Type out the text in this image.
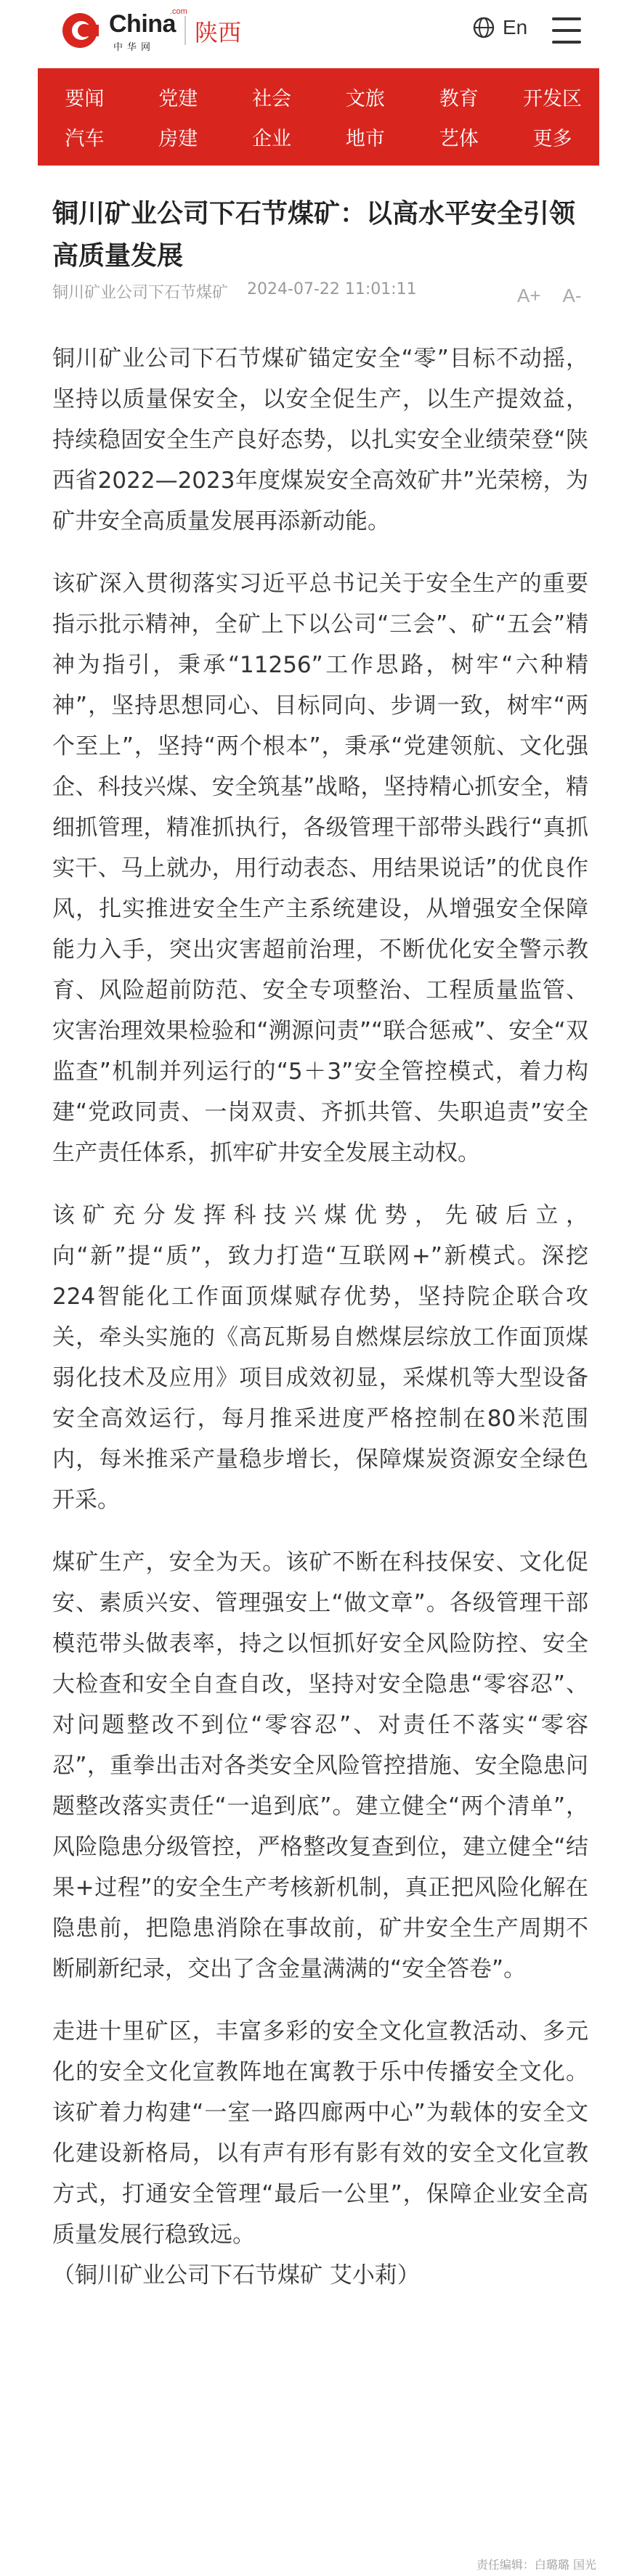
China
.com
中华网
陕西	En
要闻	党建	社会	文旅	教育	开发区
汽车	房建	企业	地市	艺体	更多
铜川矿业公司下石节煤矿：以高水平安全引领高质量发展
铜川矿业公司下石节煤矿 2024-07-22 11:01:11	A+ A-

铜川矿业公司下石节煤矿锚定安全“零”目标不动摇，坚持以质量保安全，以安全促生产，以生产提效益，持续稳固安全生产良好态势，以扎实安全业绩荣登“陕西省2022—2023年度煤炭安全高效矿井”光荣榜，为矿井安全高质量发展再添新动能。

该矿深入贯彻落实习近平总书记关于安全生产的重要指示批示精神，全矿上下以公司“三会”、矿“五会”精神为指引，秉承“11256”工作思路，树牢“六种精神”，坚持思想同心、目标同向、步调一致，树牢“两个至上”，坚持“两个根本”，秉承“党建领航、文化强企、科技兴煤、安全筑基”战略，坚持精心抓安全，精细抓管理，精准抓执行，各级管理干部带头践行“真抓实干、马上就办，用行动表态、用结果说话”的优良作风，扎实推进安全生产主系统建设，从增强安全保障能力入手，突出灾害超前治理，不断优化安全警示教育、风险超前防范、安全专项整治、工程质量监管、灾害治理效果检验和“溯源问责”“联合惩戒”、安全“双监查”机制并列运行的“5＋3”安全管控模式，着力构建“党政同责、一岗双责、齐抓共管、失职追责”安全生产责任体系，抓牢矿井安全发展主动权。

该矿充分发挥科技兴煤优势，先破后立，向“新”提“质”，致力打造“互联网+”新模式。深挖224智能化工作面顶煤赋存优势，坚持院企联合攻关，牵头实施的《高瓦斯易自燃煤层综放工作面顶煤弱化技术及应用》项目成效初显，采煤机等大型设备安全高效运行，每月推采进度严格控制在80米范围内，每米推采产量稳步增长，保障煤炭资源安全绿色开采。

煤矿生产，安全为天。该矿不断在科技保安、文化促安、素质兴安、管理强安上“做文章”。各级管理干部模范带头做表率，持之以恒抓好安全风险防控、安全大检查和安全自查自改，坚持对安全隐患“零容忍”、对问题整改不到位“零容忍”、对责任不落实“零容忍”，重拳出击对各类安全风险管控措施、安全隐患问题整改落实责任“一追到底”。建立健全“两个清单”，风险隐患分级管控，严格整改复查到位，建立健全“结果+过程”的安全生产考核新机制，真正把风险化解在隐患前，把隐患消除在事故前，矿井安全生产周期不断刷新纪录，交出了含金量满满的“安全答卷”。

走进十里矿区，丰富多彩的安全文化宣教活动、多元化的安全文化宣教阵地在寓教于乐中传播安全文化。该矿着力构建“一室一路四廊两中心”为载体的安全文化建设新格局，以有声有形有影有效的安全文化宣教方式，打通安全管理“最后一公里”，保障企业安全高质量发展行稳致远。

（铜川矿业公司下石节煤矿 艾小莉）

责任编辑：白璐璐 国光
